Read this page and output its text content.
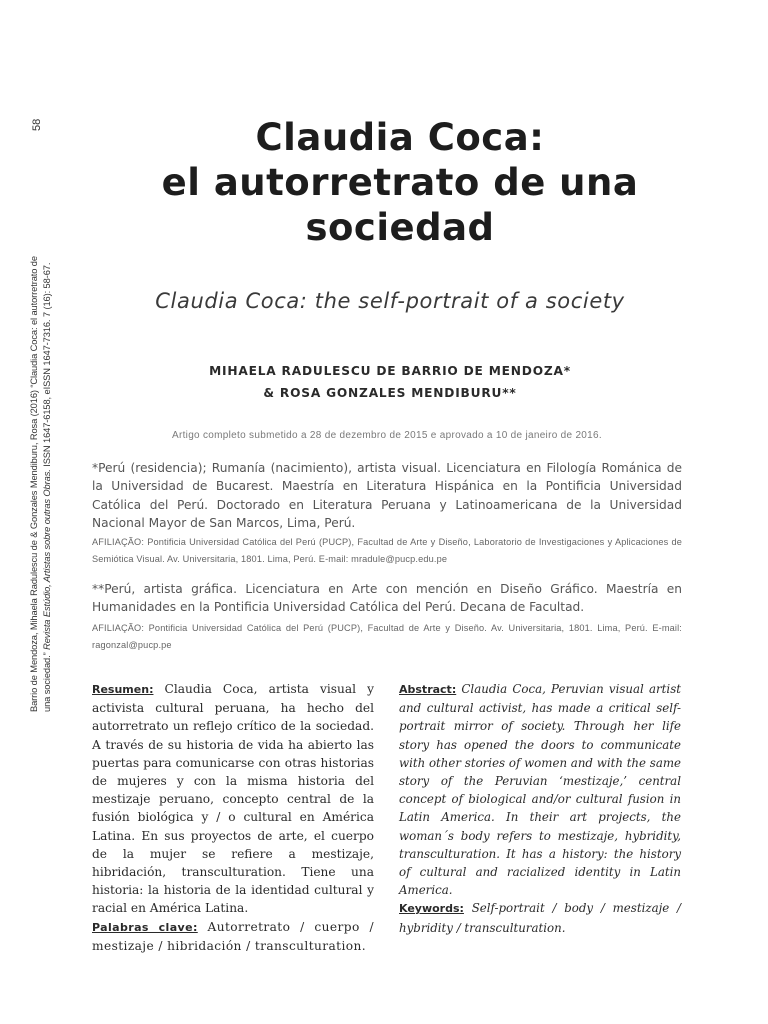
58
Barrio de Mendoza, Mihaela Radulescu de & Gonzales Mendiburu, Rosa (2016) “Claudia Coca: el autorretrato de una sociedad.” Revista Estúdio, Artistas sobre outras Obras. ISSN 1647-6158, eISSN 1647-7316. 7 (16): 58-67.
Claudia Coca:
el autorretrato de una
sociedad
Claudia Coca: the self-portrait of a society
MIHAELA RADULESCU DE BARRIO DE MENDOZA*
& ROSA GONZALES MENDIBURU**
Artigo completo submetido a 28 de dezembro de 2015 e aprovado a 10 de janeiro de 2016.
*Perú (residencia); Rumanía (nacimiento), artista visual. Licenciatura en Filología Románica de la Universidad de Bucarest. Maestría en Literatura Hispánica en la Pontificia Universidad Católica del Perú. Doctorado en Literatura Peruana y Latinoamericana de la Universidad Nacional Mayor de San Marcos, Lima, Perú.
AFILIAÇÃO: Pontificia Universidad Católica del Perú (PUCP), Facultad de Arte y Diseño, Laboratorio de Investigaciones y Aplicaciones de Semiótica Visual. Av. Universitaria, 1801. Lima, Perú. E-mail: mradule@pucp.edu.pe
**Perú, artista gráfica. Licenciatura en Arte con mención en Diseño Gráfico. Maestría en Humanidades en la Pontificia Universidad Católica del Perú. Decana de Facultad.
AFILIAÇÃO: Pontificia Universidad Católica del Perú (PUCP), Facultad de Arte y Diseño. Av. Universitaria, 1801. Lima, Perú. E-mail: ragonzal@pucp.pe
Resumen: Claudia Coca, artista visual y activista cultural peruana, ha hecho del autorretrato un reflejo crítico de la sociedad. A través de su historia de vida ha abierto las puertas para comunicarse con otras historias de mujeres y con la misma historia del mestizaje peruano, concepto central de la fusión biológica y / o cultural en América Latina. En sus proyectos de arte, el cuerpo de la mujer se refiere a mestizaje, hibridación, transculturation. Tiene una historia: la historia de la identidad cultural y racial en América Latina.
Palabras clave: Autorretrato / cuerpo / mestizaje / hibridación / transculturation.
Abstract: Claudia Coca, Peruvian visual artist and cultural activist, has made a critical self-portrait mirror of society. Through her life story has opened the doors to communicate with other stories of women and with the same story of the Peruvian ‘mestizaje,’ central concept of biological and/or cultural fusion in Latin America. In their art projects, the woman´s body refers to mestizaje, hybridity, transculturation. It has a history: the history of cultural and racialized identity in Latin America.
Keywords: Self-portrait / body / mestizaje / hybridity / transculturation.
